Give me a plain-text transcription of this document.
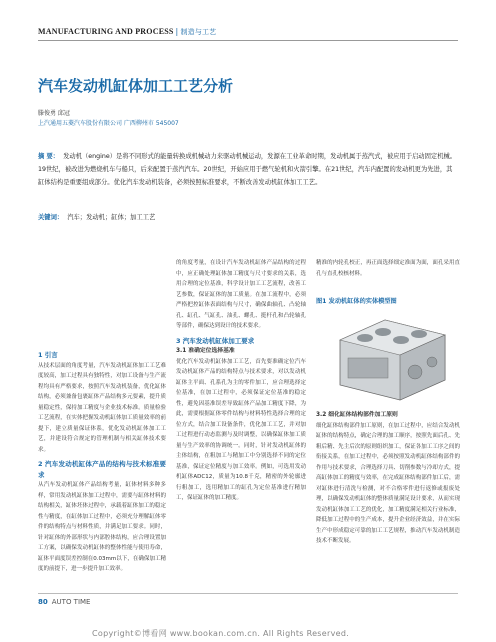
MANUFACTURING AND PROCESS | 制造与工艺
汽车发动机缸体加工工艺分析
滕俊勇 邱冠
上汽通用五菱汽车股份有限公司 广西柳州市 545007
摘 要： 发动机（engine）是将不同形式的能量转换成机械动力来驱动机械运动，发源在工业革命时期，发动机属于蒸汽式，被应用于启动固定机械。19世纪，被改进为燃烧机车与船只，后来配置于蒸汽汽车。20世纪，开始应用于燃气轮机和火箭引擎。在21世纪，汽车内配置的发动机更为先进，其缸体结构是重要组成部分。优化汽车发动机装备，必须按照标准要求，不断改善发动机缸体加工工艺。
关键词： 汽车；发动机；缸体；加工工艺

1 引言

从技术层面的角度考量，汽车发动机缸体加工工艺难度较高，加工过程具有独特性，对加工设备与生产流程均具有严格要求，按照汽车发动机装备，优化缸体结构，必须兼备包裹缸体产品结构多元要素，提升质量稳定性，保持加工精度与企业技术标准。质量检验工艺流程，在实体把握发动机缸体加工质量效率的前提下，建立质量保证体系，优化发动机缸体加工工艺，并建设符合规定的管理机制与相关缸体技术要求。

2 汽车发动机缸体产品的结构与技术标准要求

从汽车发动机缸体产品结构考量，缸体材料多种多样，常用发动机缸体加工过程中，需要与缸体材料的结构相关，缸体坯体过程中，承载着缸体加工的稳定性与精度，在缸体加工过程中，必须充分理解缸体零件的结构特点与材料性质，并满足加工要求。同时，针对缸体的外部形状与内部腔体结构，应合理设置加工方案，以确保发动机缸体的整体性能与使用寿命，缸体平面度误差控制在0.03mm以下，在确保加工精度的前提下，进一步提升加工效率。

的角度考量，在设计汽车发动机缸体产品结构的过程中，应正确处理缸体加工精度与尺寸要求的关系，选用合理的定位基准，科学设计加工工艺流程，改善工艺参数，保证缸体的加工质量。在加工流程中，必须严格把控缸体表面结构与尺寸，确保曲轴孔、凸轮轴孔、缸孔、气缸孔、油孔、螺孔、挺杆孔和凸轮轴孔等部件，确保达到设计的技术要求。

3 汽车发动机缸体加工要求

3.1 准确定位选择基准

优化汽车发动机缸体加工工艺，首先要准确定位汽车发动机缸体产品的结构特点与技术要求，对以发动机缸体主平面、孔系孔为主的零件加工，应合理选择定位基准，在加工过程中，必须保证定位基准的稳定性，避免因基准误差导致缸体产品加工精度下降，为此，需要根据缸体零件结构与材料特性选择合理的定位方式，结合加工设备条件，优化加工工艺，并对加工过程进行动态监测与及时调整，以确保缸体加工质量与生产效率的协调统一。同时，针对发动机缸体的主体结构，在粗加工与精加工中分别选择不同的定位基准，保证定位精度与加工效率。例如，可选用发动机缸体ADC12，质量为10.8千克，精密的外轮廓进行粗加工，选用精加工的缸孔为定位基准进行精加工，保证缸体的加工精度。

精准的内轮孔校正，再正面选择细定准面为面，面孔采用直孔与直孔校核材料。

图1 发动机缸体的实体模型图

3.2 细化缸体结构部件加工原则

细化缸体结构部件加工原则，在加工过程中，应结合发动机缸体的结构特点，确定合理的加工顺序，按照先面后孔、先粗后精、先主后次的原则组织加工，保证各加工工序之间的衔接关系，在加工过程中，必须按照发动机缸体结构部件的作用与技术要求，合理选择刀具、切削参数与冷却方式，提高缸体加工的精度与效率，在完成缸体结构部件加工后，需对缸体进行清洗与检测，对不合格零件进行返修或报废处理，以确保发动机缸体的整体质量满足设计要求，从而实现发动机缸体加工工艺的优化，加工精度满足相关行业标准，降低加工过程中的生产成本，提升企业经济效益，并在实际生产中形成稳定可靠的加工工艺规程，推动汽车发动机制造技术不断发展。

80 AUTO TIME
Copyright©博看网 www.bookan.com.cn. All Rights Reserved.
